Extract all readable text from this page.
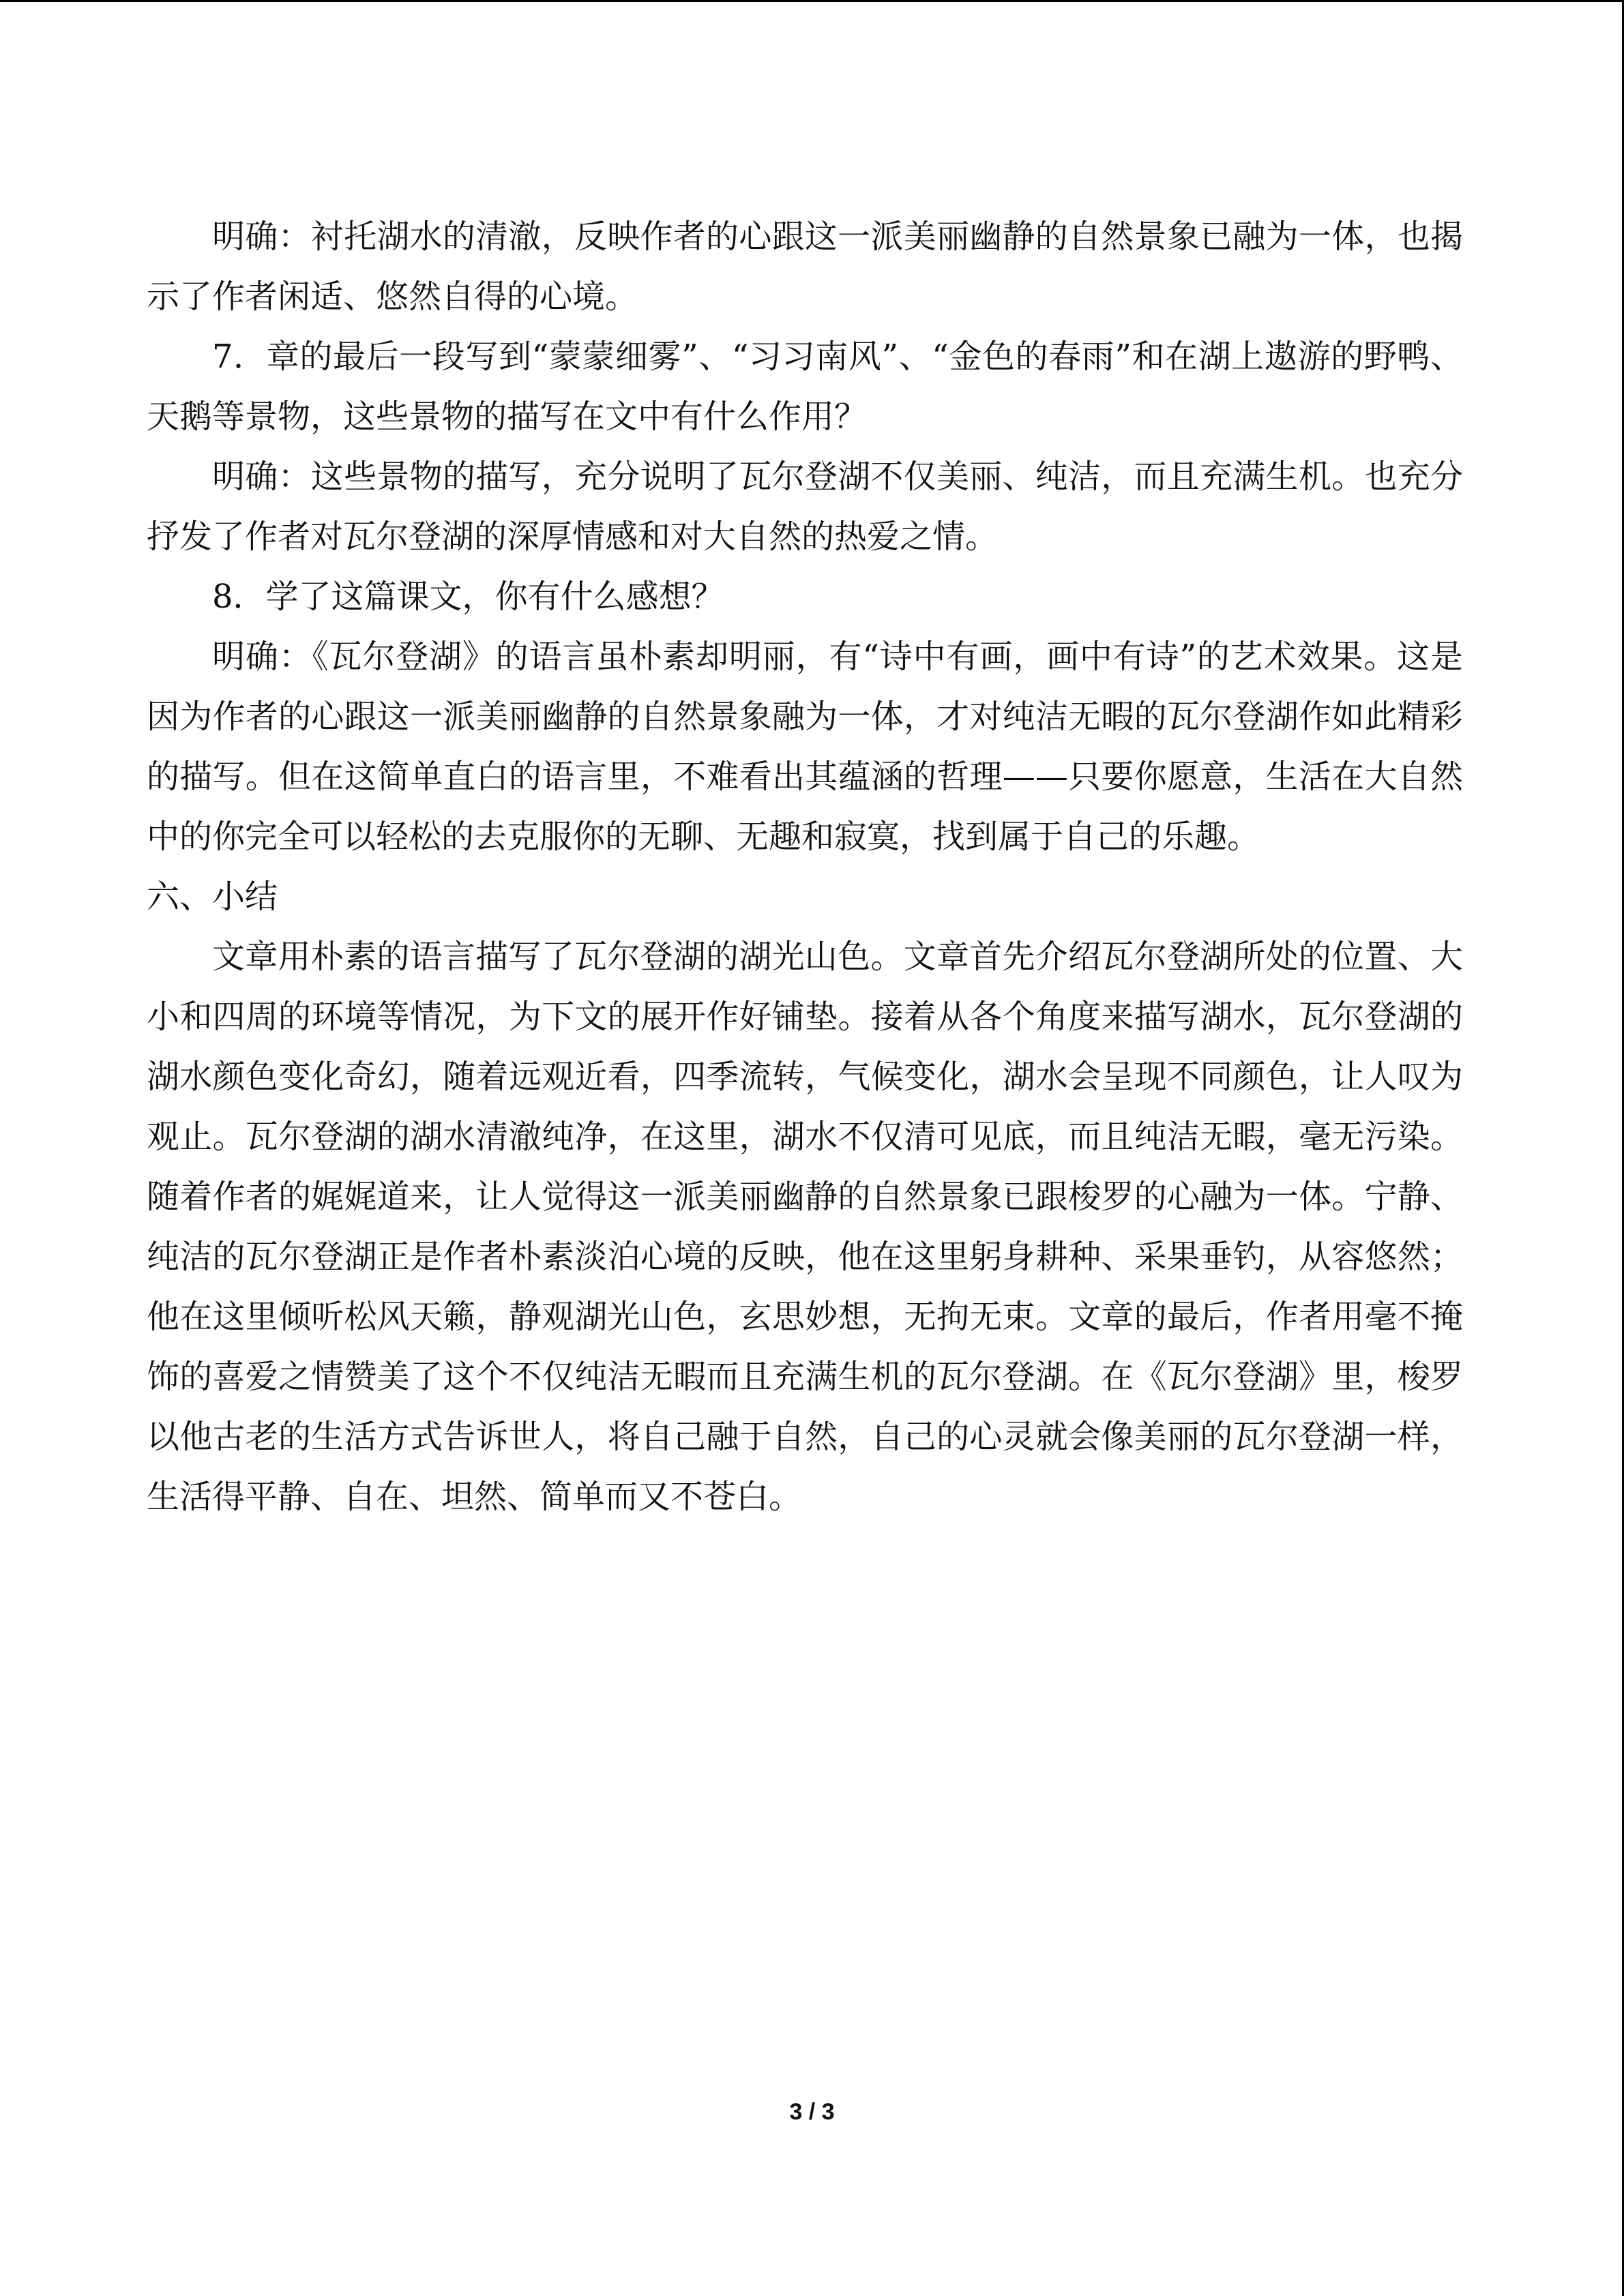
明确：衬托湖水的清澈，反映作者的心跟这一派美丽幽静的自然景象已融为一体，也揭示了作者闲适、悠然自得的心境。

7．章的最后一段写到“蒙蒙细雾”、“习习南风”、“金色的春雨”和在湖上遨游的野鸭、天鹅等景物，这些景物的描写在文中有什么作用？

明确：这些景物的描写，充分说明了瓦尔登湖不仅美丽、纯洁，而且充满生机。也充分抒发了作者对瓦尔登湖的深厚情感和对大自然的热爱之情。

8．学了这篇课文，你有什么感想？

明确：《瓦尔登湖》的语言虽朴素却明丽，有“诗中有画，画中有诗”的艺术效果。这是因为作者的心跟这一派美丽幽静的自然景象融为一体，才对纯洁无暇的瓦尔登湖作如此精彩的描写。但在这简单直白的语言里，不难看出其蕴涵的哲理——只要你愿意，生活在大自然中的你完全可以轻松的去克服你的无聊、无趣和寂寞，找到属于自己的乐趣。

六、小结

文章用朴素的语言描写了瓦尔登湖的湖光山色。文章首先介绍瓦尔登湖所处的位置、大小和四周的环境等情况，为下文的展开作好铺垫。接着从各个角度来描写湖水，瓦尔登湖的湖水颜色变化奇幻，随着远观近看，四季流转，气候变化，湖水会呈现不同颜色，让人叹为观止。瓦尔登湖的湖水清澈纯净，在这里，湖水不仅清可见底，而且纯洁无暇，毫无污染。随着作者的娓娓道来，让人觉得这一派美丽幽静的自然景象已跟梭罗的心融为一体。宁静、纯洁的瓦尔登湖正是作者朴素淡泊心境的反映，他在这里躬身耕种、采果垂钓，从容悠然；他在这里倾听松风天籁，静观湖光山色，玄思妙想，无拘无束。文章的最后，作者用毫不掩饰的喜爱之情赞美了这个不仅纯洁无暇而且充满生机的瓦尔登湖。在《瓦尔登湖》里，梭罗以他古老的生活方式告诉世人，将自己融于自然，自己的心灵就会像美丽的瓦尔登湖一样，生活得平静、自在、坦然、简单而又不苍白。

3 / 3
